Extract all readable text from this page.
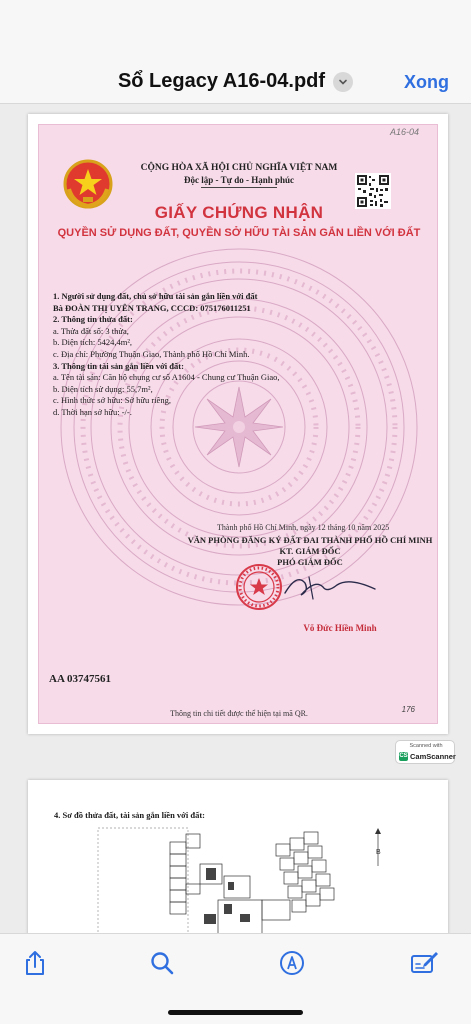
Sổ Legacy A16-04.pdf	Xong
A16-04
CỘNG HÒA XÃ HỘI CHỦ NGHĨA VIỆT NAM
Độc lập - Tự do - Hạnh phúc
GIẤY CHỨNG NHẬN
QUYỀN SỬ DỤNG ĐẤT, QUYỀN SỞ HỮU TÀI SẢN GẮN LIỀN VỚI ĐẤT

1. Người sử dụng đất, chủ sở hữu tài sản gắn liền với đất

Bà ĐOÀN THỊ UYÊN TRANG, CCCD: 075176011251

2. Thông tin thửa đất:

a. Thửa đất số: 3 thửa,

b. Diện tích: 5424,4m²,

c. Địa chỉ: Phường Thuận Giao, Thành phố Hồ Chí Minh.

3. Thông tin tài sản gắn liền với đất:

a. Tên tài sản: Căn hộ chung cư số A1604 - Chung cư Thuận Giao,

b. Diện tích sử dụng: 55,7m²,

c. Hình thức sở hữu: Sở hữu riêng,

d. Thời hạn sở hữu: -/-.

Thành phố Hồ Chí Minh, ngày 12 tháng 10 năm 2025
VĂN PHÒNG ĐĂNG KÝ ĐẤT ĐAI THÀNH PHỐ HỒ CHÍ MINH
KT. GIÁM ĐỐC
PHÓ GIÁM ĐỐC
Võ Đức Hiền Minh
AA 03747561
Thông tin chi tiết được thể hiện tại mã QR.	176
Scanned with
CS CamScanner
4. Sơ đồ thửa đất, tài sản gắn liền với đất:
B
